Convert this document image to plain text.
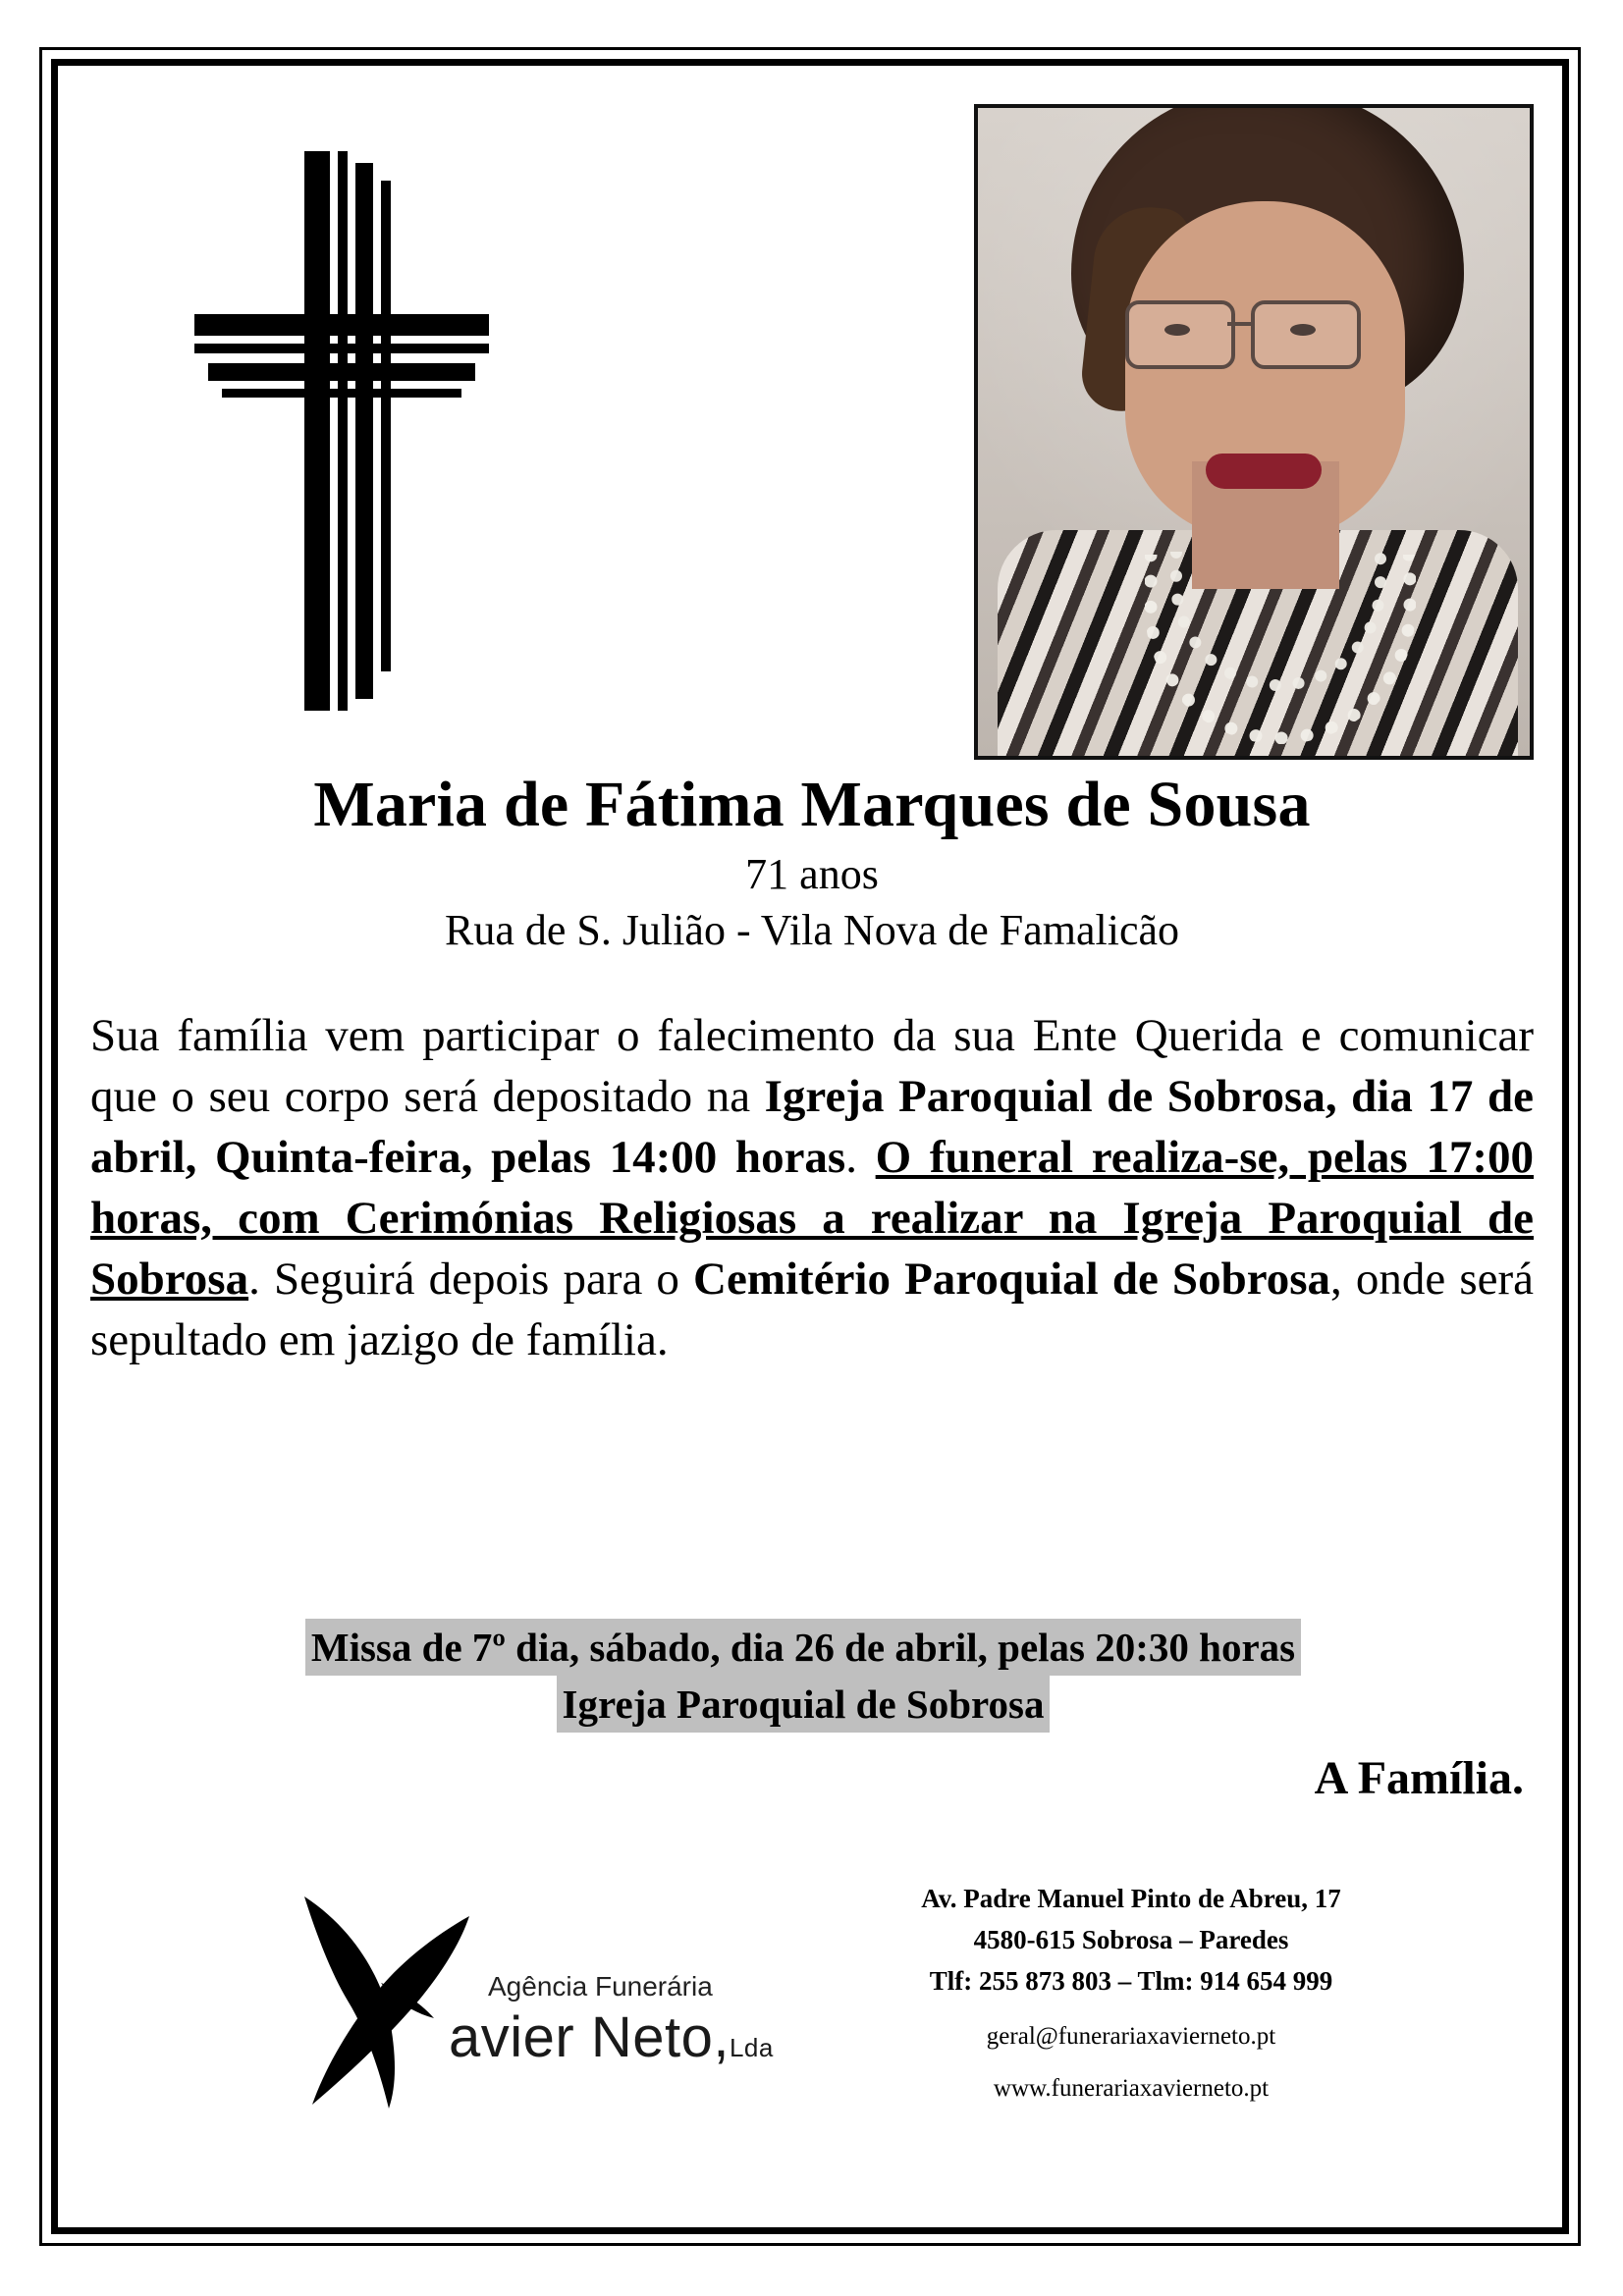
Maria de Fátima Marques de Sousa
71 anos
Rua de S. Julião - Vila Nova de Famalicão
Sua família vem participar o falecimento da sua Ente Querida e comunicar que o seu corpo será depositado na Igreja Paroquial de Sobrosa, dia 17 de abril, Quinta-feira, pelas 14:00 horas. O funeral realiza-se, pelas 17:00 horas, com Cerimónias Religiosas a realizar na Igreja Paroquial de Sobrosa. Seguirá depois para o Cemitério Paroquial de Sobrosa, onde será sepultado em jazigo de família.
Missa de 7º dia, sábado, dia 26 de abril, pelas 20:30 horas
Igreja Paroquial de Sobrosa
A Família.
Agência Funerária
avier Neto,Lda
Av. Padre Manuel Pinto de Abreu, 17
4580-615 Sobrosa – Paredes
Tlf: 255 873 803 – Tlm: 914 654 999
geral@funerariaxavierneto.pt
www.funerariaxavierneto.pt
